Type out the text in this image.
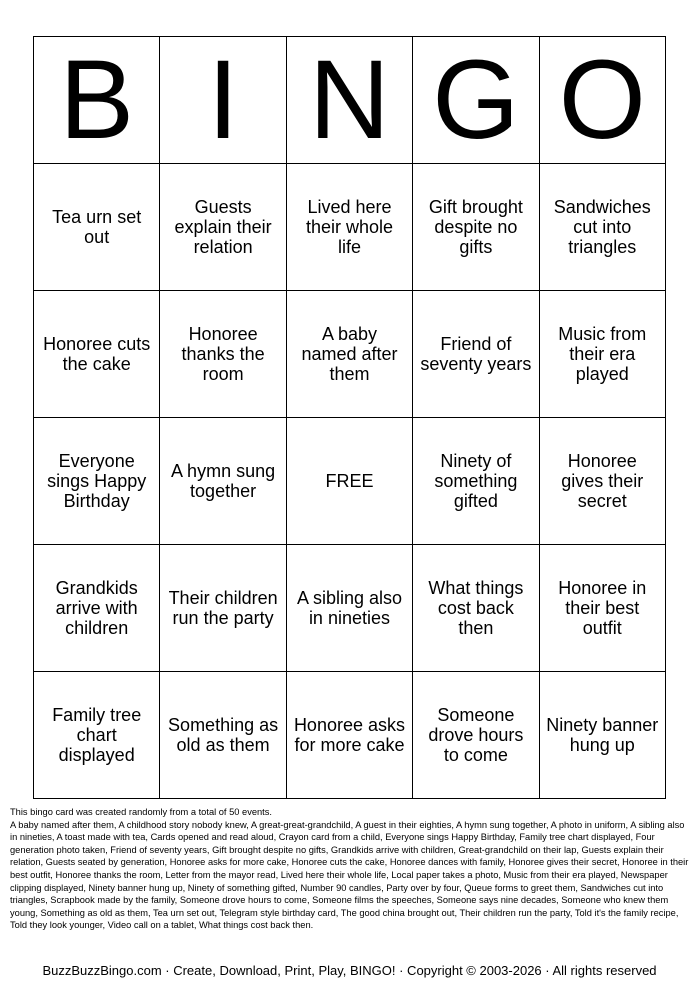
B	I	N	G	O
Tea urn set out	Guests explain their relation	Lived here their whole life	Gift brought despite no gifts	Sandwiches cut into triangles
Honoree cuts the cake	Honoree thanks the room	A baby named after them	Friend of seventy years	Music from their era played
Everyone sings Happy Birthday	A hymn sung together	FREE	Ninety of something gifted	Honoree gives their secret
Grandkids arrive with children	Their children run the party	A sibling also in nineties	What things cost back then	Honoree in their best outfit
Family tree chart displayed	Something as old as them	Honoree asks for more cake	Someone drove hours to come	Ninety banner hung up

This bingo card was created randomly from a total of 50 events.

A baby named after them, A childhood story nobody knew, A great-great-grandchild, A guest in their eighties, A hymn sung together, A photo in uniform, A sibling also in nineties, A toast made with tea, Cards opened and read aloud, Crayon card from a child, Everyone sings Happy Birthday, Family tree chart displayed, Four generation photo taken, Friend of seventy years, Gift brought despite no gifts, Grandkids arrive with children, Great-grandchild on their lap, Guests explain their relation, Guests seated by generation, Honoree asks for more cake, Honoree cuts the cake, Honoree dances with family, Honoree gives their secret, Honoree in their best outfit, Honoree thanks the room, Letter from the mayor read, Lived here their whole life, Local paper takes a photo, Music from their era played, Newspaper clipping displayed, Ninety banner hung up, Ninety of something gifted, Number 90 candles, Party over by four, Queue forms to greet them, Sandwiches cut into triangles, Scrapbook made by the family, Someone drove hours to come, Someone films the speeches, Someone says nine decades, Someone who knew them young, Something as old as them, Tea urn set out, Telegram style birthday card, The good china brought out, Their children run the party, Told it's the family recipe, Told they look younger, Video call on a tablet, What things cost back then.

BuzzBuzzBingo.com · Create, Download, Print, Play, BINGO! · Copyright © 2003-2026 · All rights reserved
